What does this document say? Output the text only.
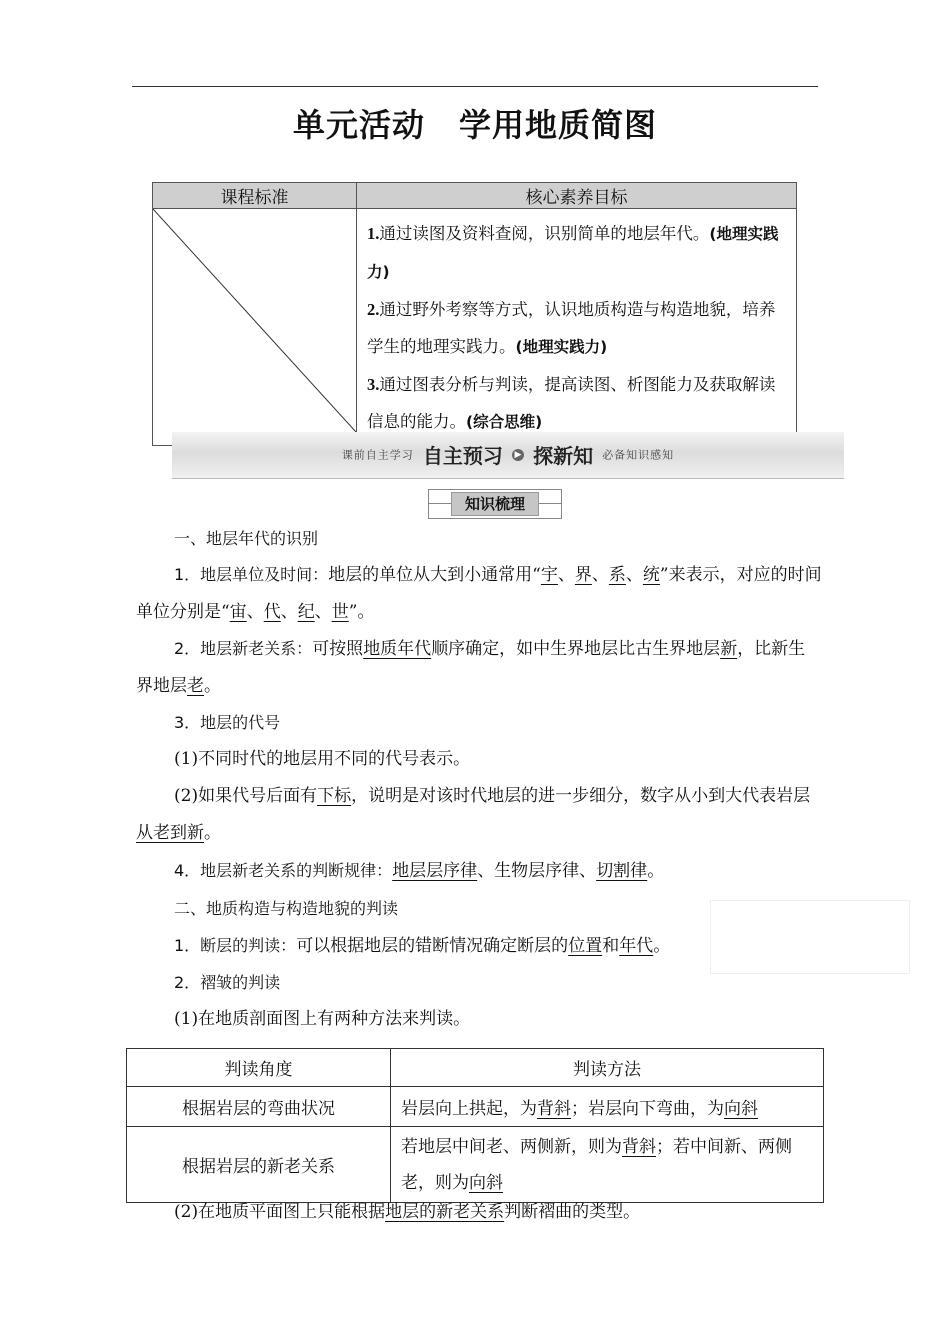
单元活动 学用地质简图
课程标准	核心素养目标

1.通过读图及资料查阅，识别简单的地层年代。(地理实践力)
2.通过野外考察等方式，认识地质构造与构造地貌，培养学生的地理实践力。(地理实践力)
3.通过图表分析与判读，提高读图、析图能力及获取解读信息的能力。(综合思维)
课前自主学习 自主预习 ▶ 探新知 必备知识感知
知识梳理
一、地层年代的识别
1．地层单位及时间：地层的单位从大到小通常用“宇、界、系、统”来表示，对应的时间单位分别是“宙、代、纪、世”。
2．地层新老关系：可按照地质年代顺序确定，如中生界地层比古生界地层新，比新生界地层老。
3．地层的代号
(1)不同时代的地层用不同的代号表示。
(2)如果代号后面有下标，说明是对该时代地层的进一步细分，数字从小到大代表岩层从老到新。
4．地层新老关系的判断规律：地层层序律、生物层序律、切割律。
二、地质构造与构造地貌的判读
1．断层的判读：可以根据地层的错断情况确定断层的位置和年代。
2．褶皱的判读
(1)在地质剖面图上有两种方法来判读。
判读角度	判读方法
根据岩层的弯曲状况	岩层向上拱起，为背斜；岩层向下弯曲，为向斜
根据岩层的新老关系	若地层中间老、两侧新，则为背斜；若中间新、两侧老，则为向斜
(2)在地质平面图上只能根据地层的新老关系判断褶曲的类型。
